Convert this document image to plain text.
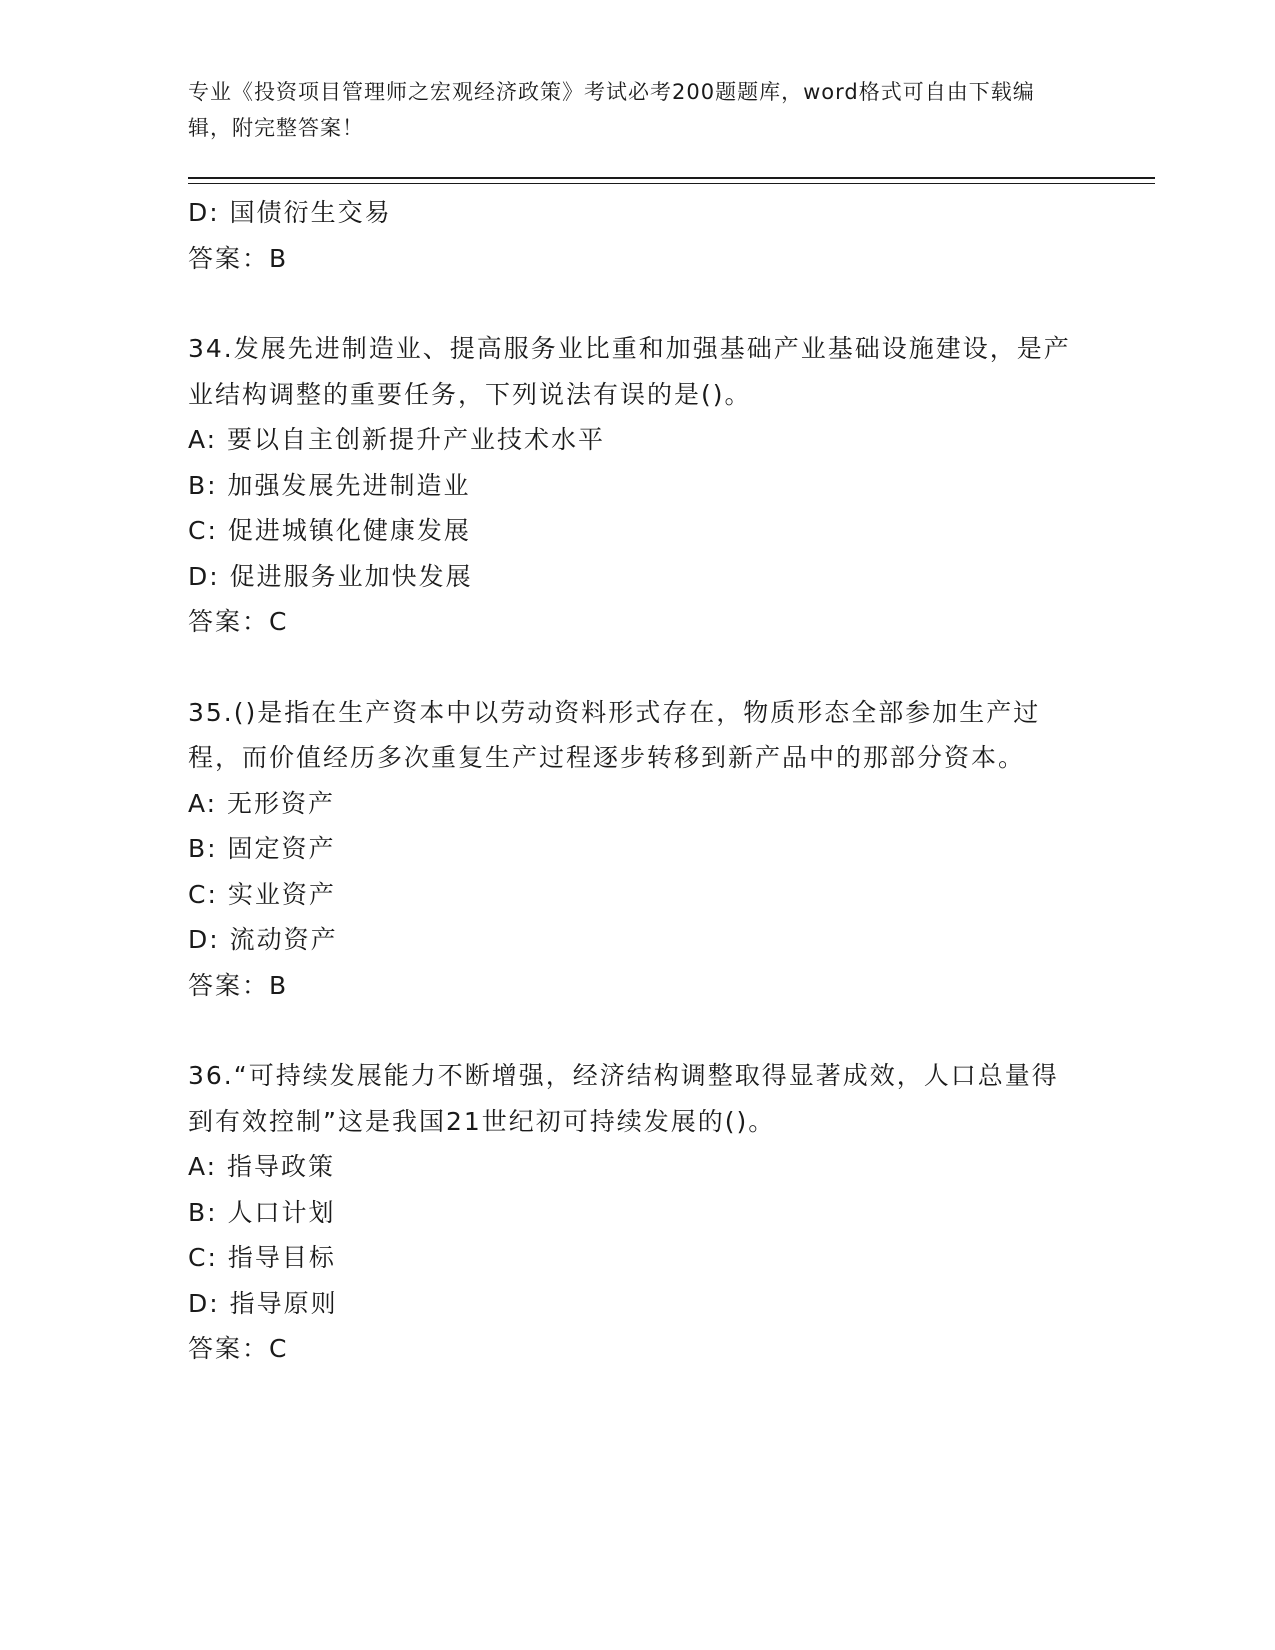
专业《投资项目管理师之宏观经济政策》考试必考200题题库，word格式可自由下载编辑，附完整答案！
D: 国债衍生交易
答案：B
34.发展先进制造业、提高服务业比重和加强基础产业基础设施建设，是产业结构调整的重要任务，下列说法有误的是()。
A: 要以自主创新提升产业技术水平
B: 加强发展先进制造业
C: 促进城镇化健康发展
D: 促进服务业加快发展
答案：C
35.()是指在生产资本中以劳动资料形式存在，物质形态全部参加生产过程，而价值经历多次重复生产过程逐步转移到新产品中的那部分资本。
A: 无形资产
B: 固定资产
C: 实业资产
D: 流动资产
答案：B
36.“可持续发展能力不断增强，经济结构调整取得显著成效，人口总量得到有效控制”这是我国21世纪初可持续发展的()。
A: 指导政策
B: 人口计划
C: 指导目标
D: 指导原则
答案：C
